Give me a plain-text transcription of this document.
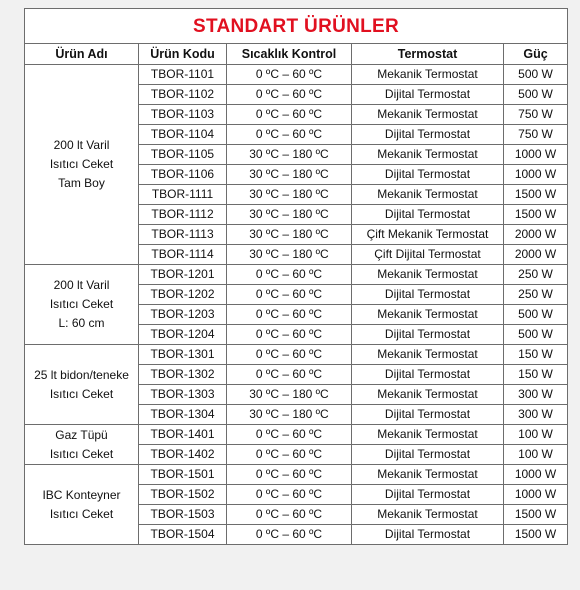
STANDART ÜRÜNLER				
Ürün Adı	Ürün Kodu	Sıcaklık Kontrol	Termostat	Güç

200 lt Varil
Isıtıcı Ceket
Tam Boy	TBOR-1101	0 ºC – 60 ºC	Mekanik Termostat	500 W
	TBOR-1102	0 ºC – 60 ºC	Dijital Termostat	500 W
	TBOR-1103	0 ºC – 60 ºC	Mekanik Termostat	750 W
	TBOR-1104	0 ºC – 60 ºC	Dijital Termostat	750 W
	TBOR-1105	30 ºC – 180 ºC	Mekanik Termostat	1000 W
	TBOR-1106	30 ºC – 180 ºC	Dijital Termostat	1000 W
	TBOR-1111	30 ºC – 180 ºC	Mekanik Termostat	1500 W
	TBOR-1112	30 ºC – 180 ºC	Dijital Termostat	1500 W
	TBOR-1113	30 ºC – 180 ºC	Çift Mekanik Termostat	2000 W
	TBOR-1114	30 ºC – 180 ºC	Çift Dijital Termostat	2000 W

200 lt Varil
Isıtıcı Ceket
L: 60 cm	TBOR-1201	0 ºC – 60 ºC	Mekanik Termostat	250 W
	TBOR-1202	0 ºC – 60 ºC	Dijital Termostat	250 W
	TBOR-1203	0 ºC – 60 ºC	Mekanik Termostat	500 W
	TBOR-1204	0 ºC – 60 ºC	Dijital Termostat	500 W

25 lt bidon/teneke
Isıtıcı Ceket	TBOR-1301	0 ºC – 60 ºC	Mekanik Termostat	150 W
	TBOR-1302	0 ºC – 60 ºC	Dijital Termostat	150 W
	TBOR-1303	30 ºC – 180 ºC	Mekanik Termostat	300 W
	TBOR-1304	30 ºC – 180 ºC	Dijital Termostat	300 W

Gaz Tüpü
Isıtıcı Ceket	TBOR-1401	0 ºC – 60 ºC	Mekanik Termostat	100 W
	TBOR-1402	0 ºC – 60 ºC	Dijital Termostat	100 W

IBC Konteyner
Isıtıcı Ceket	TBOR-1501	0 ºC – 60 ºC	Mekanik Termostat	1000 W
	TBOR-1502	0 ºC – 60 ºC	Dijital Termostat	1000 W
	TBOR-1503	0 ºC – 60 ºC	Mekanik Termostat	1500 W
	TBOR-1504	0 ºC – 60 ºC	Dijital Termostat	1500 W
